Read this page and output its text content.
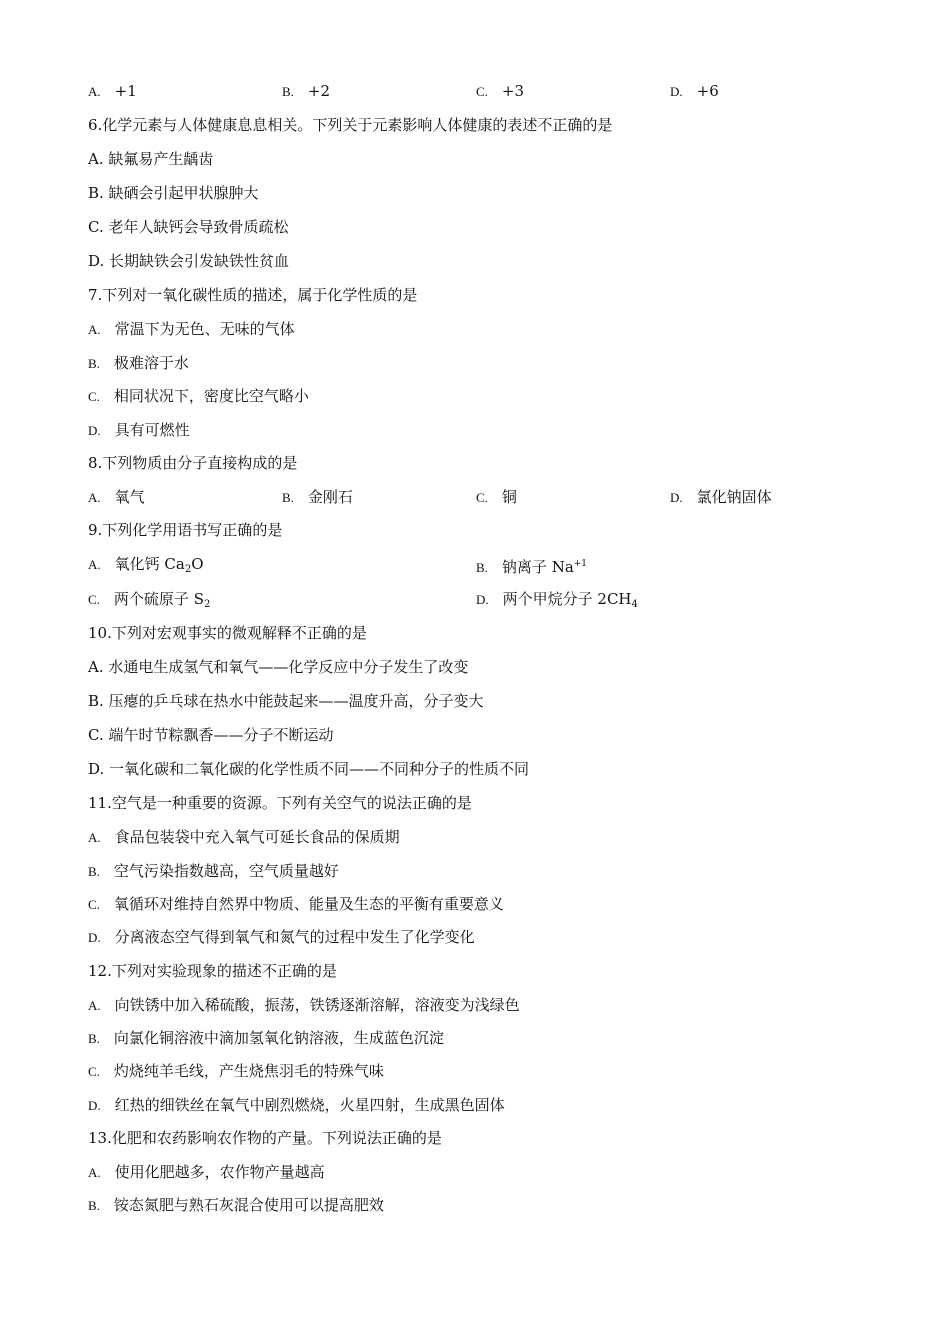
A. +1	B. +2	C. +3	D. +6
6.化学元素与人体健康息息相关。下列关于元素影响人体健康的表述不正确的是
A. 缺氟易产生龋齿
B. 缺硒会引起甲状腺肿大
C. 老年人缺钙会导致骨质疏松
D. 长期缺铁会引发缺铁性贫血
7.下列对一氧化碳性质的描述，属于化学性质的是
A. 常温下为无色、无味的气体
B. 极难溶于水
C. 相同状况下，密度比空气略小
D. 具有可燃性
8.下列物质由分子直接构成的是
A. 氧气	B. 金刚石	C. 铜	D. 氯化钠固体
9.下列化学用语书写正确的是
A. 氧化钙 $Ca_2O$	B. 钠离子 $Na^{+1}$
C. 两个硫原子 $S_2$	D. 两个甲烷分子 $2CH_4$
10.下列对宏观事实的微观解释不正确的是
A. 水通电生成氢气和氧气——化学反应中分子发生了改变
B. 压瘪的乒乓球在热水中能鼓起来——温度升高，分子变大
C. 端午时节粽飘香——分子不断运动
D. 一氧化碳和二氧化碳的化学性质不同——不同种分子的性质不同
11.空气是一种重要的资源。下列有关空气的说法正确的是
A. 食品包装袋中充入氧气可延长食品的保质期
B. 空气污染指数越高，空气质量越好
C. 氧循环对维持自然界中物质、能量及生态的平衡有重要意义
D. 分离液态空气得到氧气和氮气的过程中发生了化学变化
12.下列对实验现象的描述不正确的是
A. 向铁锈中加入稀硫酸，振荡，铁锈逐渐溶解，溶液变为浅绿色
B. 向氯化铜溶液中滴加氢氧化钠溶液，生成蓝色沉淀
C. 灼烧纯羊毛线，产生烧焦羽毛的特殊气味
D. 红热的细铁丝在氧气中剧烈燃烧，火星四射，生成黑色固体
13.化肥和农药影响农作物的产量。下列说法正确的是
A. 使用化肥越多，农作物产量越高
B. 铵态氮肥与熟石灰混合使用可以提高肥效
